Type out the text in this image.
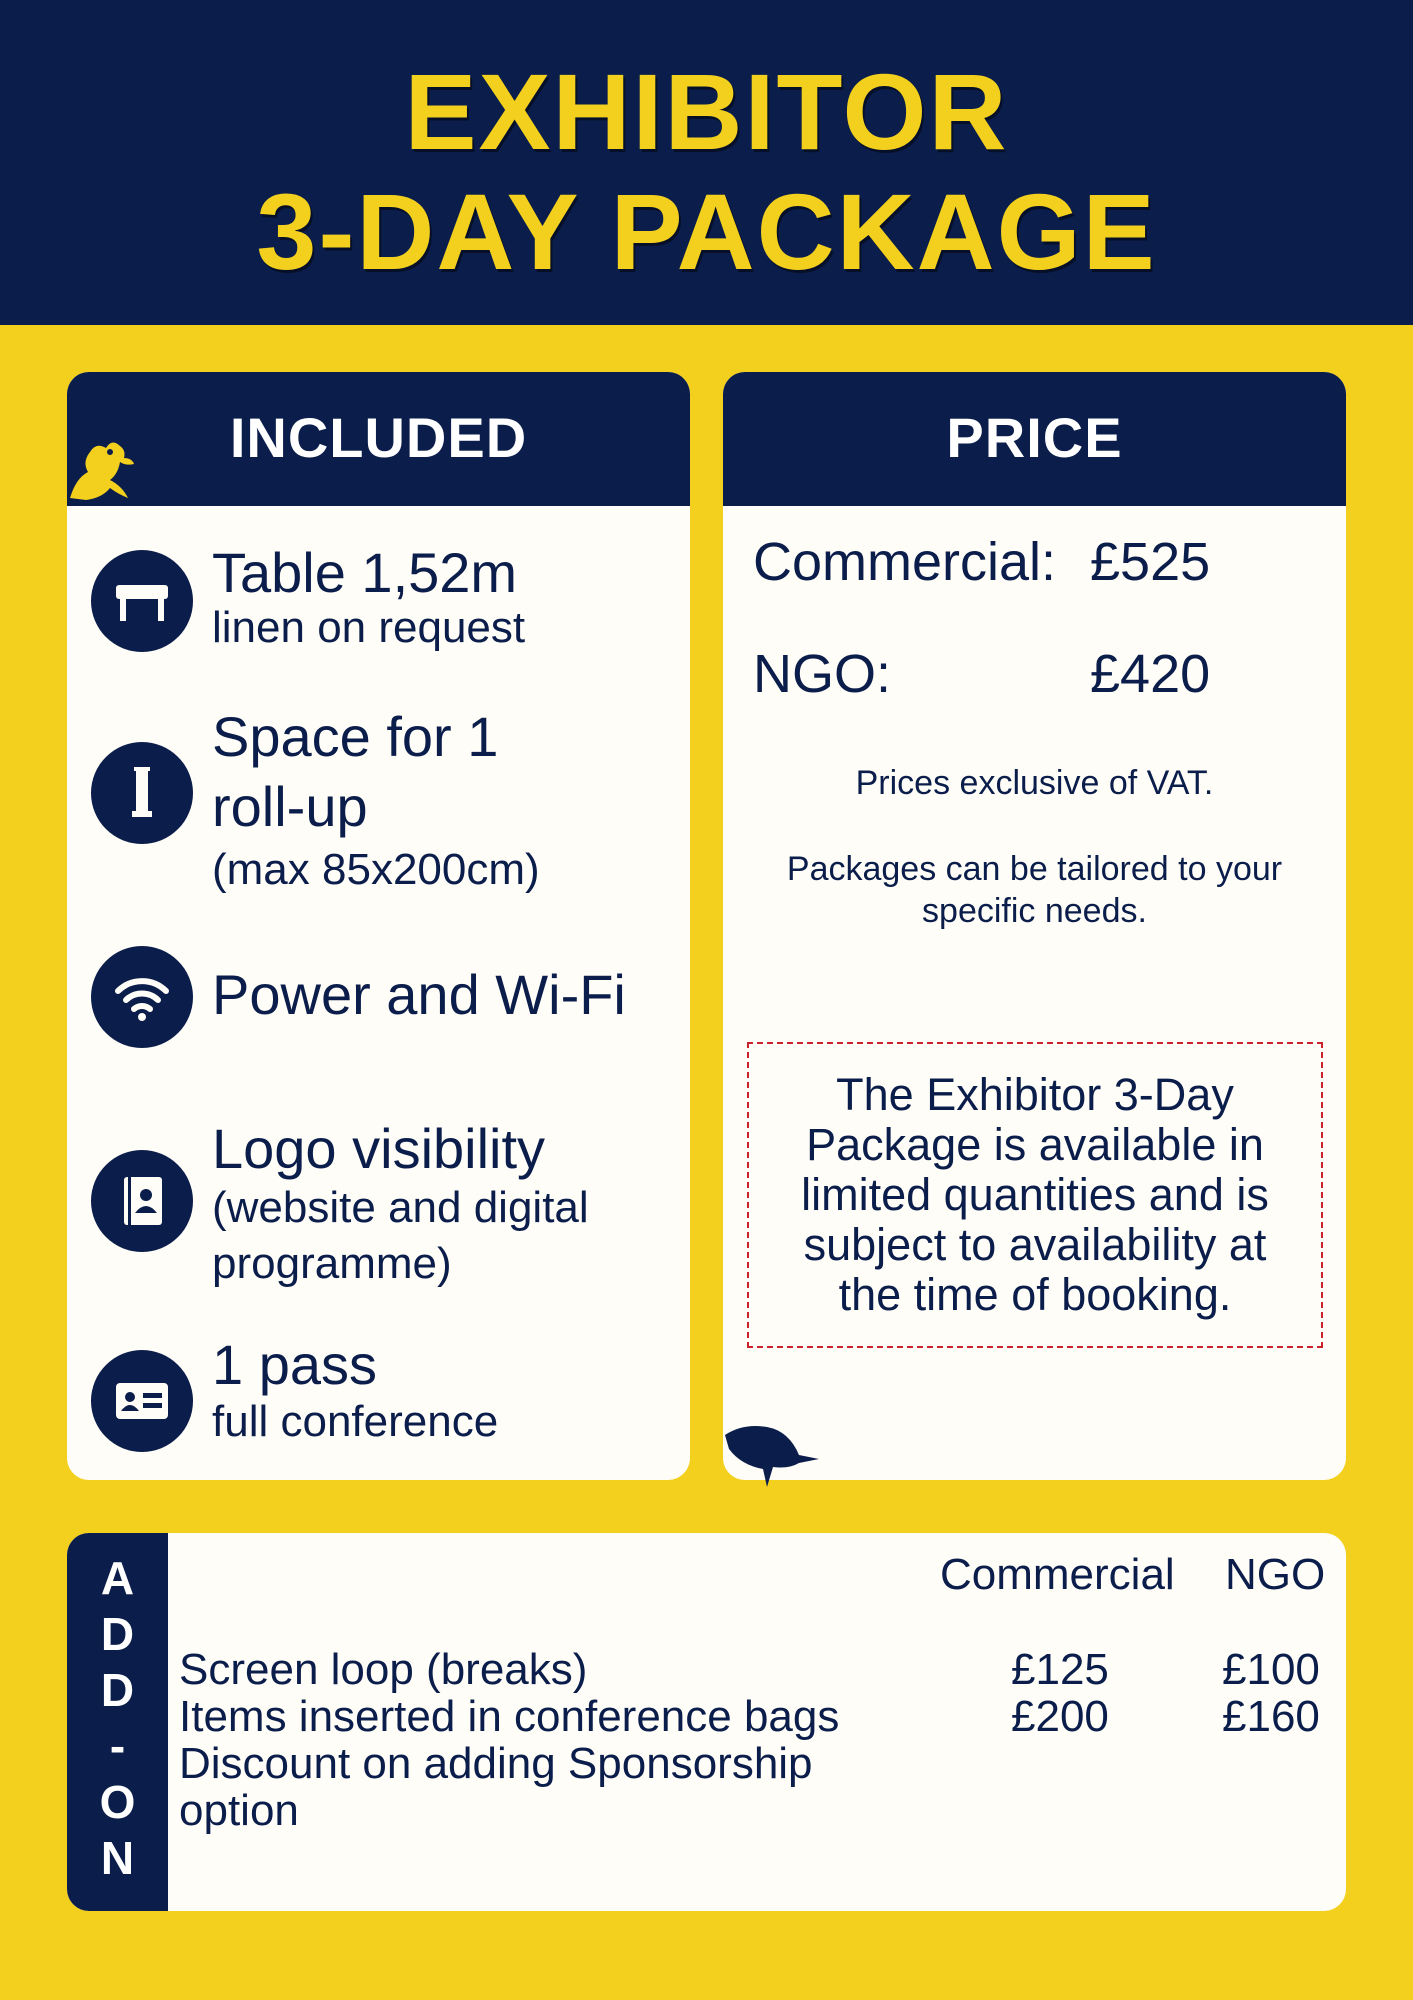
EXHIBITOR
3-DAY PACKAGE
INCLUDED
Table 1,52m
linen on request
Space for 1
roll-up
(max 85x200cm)
Power and Wi-Fi
Logo visibility
(website and digital
programme)
1 pass
full conference
PRICE
Commercial: £525
NGO:	£420
Prices exclusive of VAT.
Packages can be tailored to your
specific needs.
The Exhibitor 3-Day
Package is available in
limited quantities and is
subject to availability at
the time of booking.
A
D
D
-
O
N
Commercial NGO
Screen loop (breaks)	£125	£100
Items inserted in conference bags	£200	£160
Discount on adding Sponsorship
option
